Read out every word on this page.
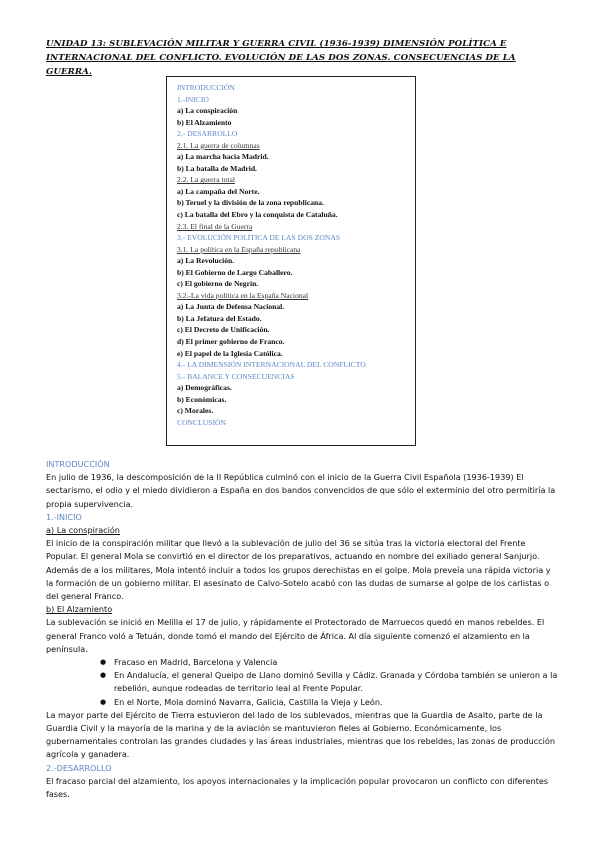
UNIDAD 13: SUBLEVACIÓN MILITAR Y GUERRA CIVIL (1936-1939) DIMENSIÓN POLÍTICA E INTERNACIONAL DEL CONFLICTO. EVOLUCIÓN DE LAS DOS ZONAS. CONSECUENCIAS DE LA GUERRA.
INTRODUCCIÓN
1.-INICIO
a) La conspiración
b) El Alzamiento
2.- DESARROLLO
2.1. La guerra de columnas
a) La marcha hacia Madrid.
b) La batalla de Madrid.
2.2. La guerra total
a) La campaña del Norte.
b) Teruel y la división de la zona republicana.
c) La batalla del Ebro y la conquista de Cataluña.
2.3. El final de la Guerra
3.- EVOLUCIÓN POLÍTICA DE LAS DOS ZONAS
3.1. La política en la España republicana
a) La Revolución.
b) El Gobierno de Largo Caballero.
c) El gobierno de Negrín.
3.2.-La vida política en la España Nacional
a) La Junta de Defensa Nacional.
b) La Jefatura del Estado.
c) El Decreto de Unificación.
d) El primer gobierno de Franco.
e) El papel de la Iglesia Católica.
4.- LA DIMENSIÓN INTERNACIONAL DEL CONFLICTO
5.- BALANCE Y CONSECUENCIAS
a) Demográficas.
b) Económicas.
c) Morales.
CONCLUSIÓN

INTRODUCCIÓN

En julio de 1936, la descomposición de la II República culminó con el inicio de la Guerra Civil Española (1936-1939) El sectarismo, el odio y el miedo dividieron a España en dos bandos convencidos de que sólo el exterminio del otro permitiría la propia supervivencia.

1.-INICIO

a) La conspiración

El inicio de la conspiración militar que llevó a la sublevación de julio del 36 se sitúa tras la victoria electoral del Frente Popular. El general Mola se convirtió en el director de los preparativos, actuando en nombre del exiliado general Sanjurjo. Además de a los militares, Mola intentó incluir a todos los grupos derechistas en el golpe. Mola preveía una rápida victoria y la formación de un gobierno militar. El asesinato de Calvo-Sotelo acabó con las dudas de sumarse al golpe de los carlistas o del general Franco.

b) El Alzamiento

La sublevación se inició en Melilla el 17 de julio, y rápidamente el Protectorado de Marruecos quedó en manos rebeldes. El general Franco voló a Tetuán, donde tomó el mando del Ejército de África. Al día siguiente comenzó el alzamiento en la península.

● Fracaso en Madrid, Barcelona y Valencia
● En Andalucía, el general Queipo de Llano dominó Sevilla y Cádiz. Granada y Córdoba también se unieron a la rebelión, aunque rodeadas de territorio leal al Frente Popular.
● En el Norte, Mola dominó Navarra, Galicia, Castilla la Vieja y León.

La mayor parte del Ejército de Tierra estuvieron del lado de los sublevados, mientras que la Guardia de Asalto, parte de la Guardia Civil y la mayoría de la marina y de la aviación se mantuvieron fieles al Gobierno. Económicamente, los gubernamentales controlan las grandes ciudades y las áreas industriales, mientras que los rebeldes, las zonas de producción agrícola y ganadera.

2.-DESARROLLO

El fracaso parcial del alzamiento, los apoyos internacionales y la implicación popular provocaron un conflicto con diferentes fases.
